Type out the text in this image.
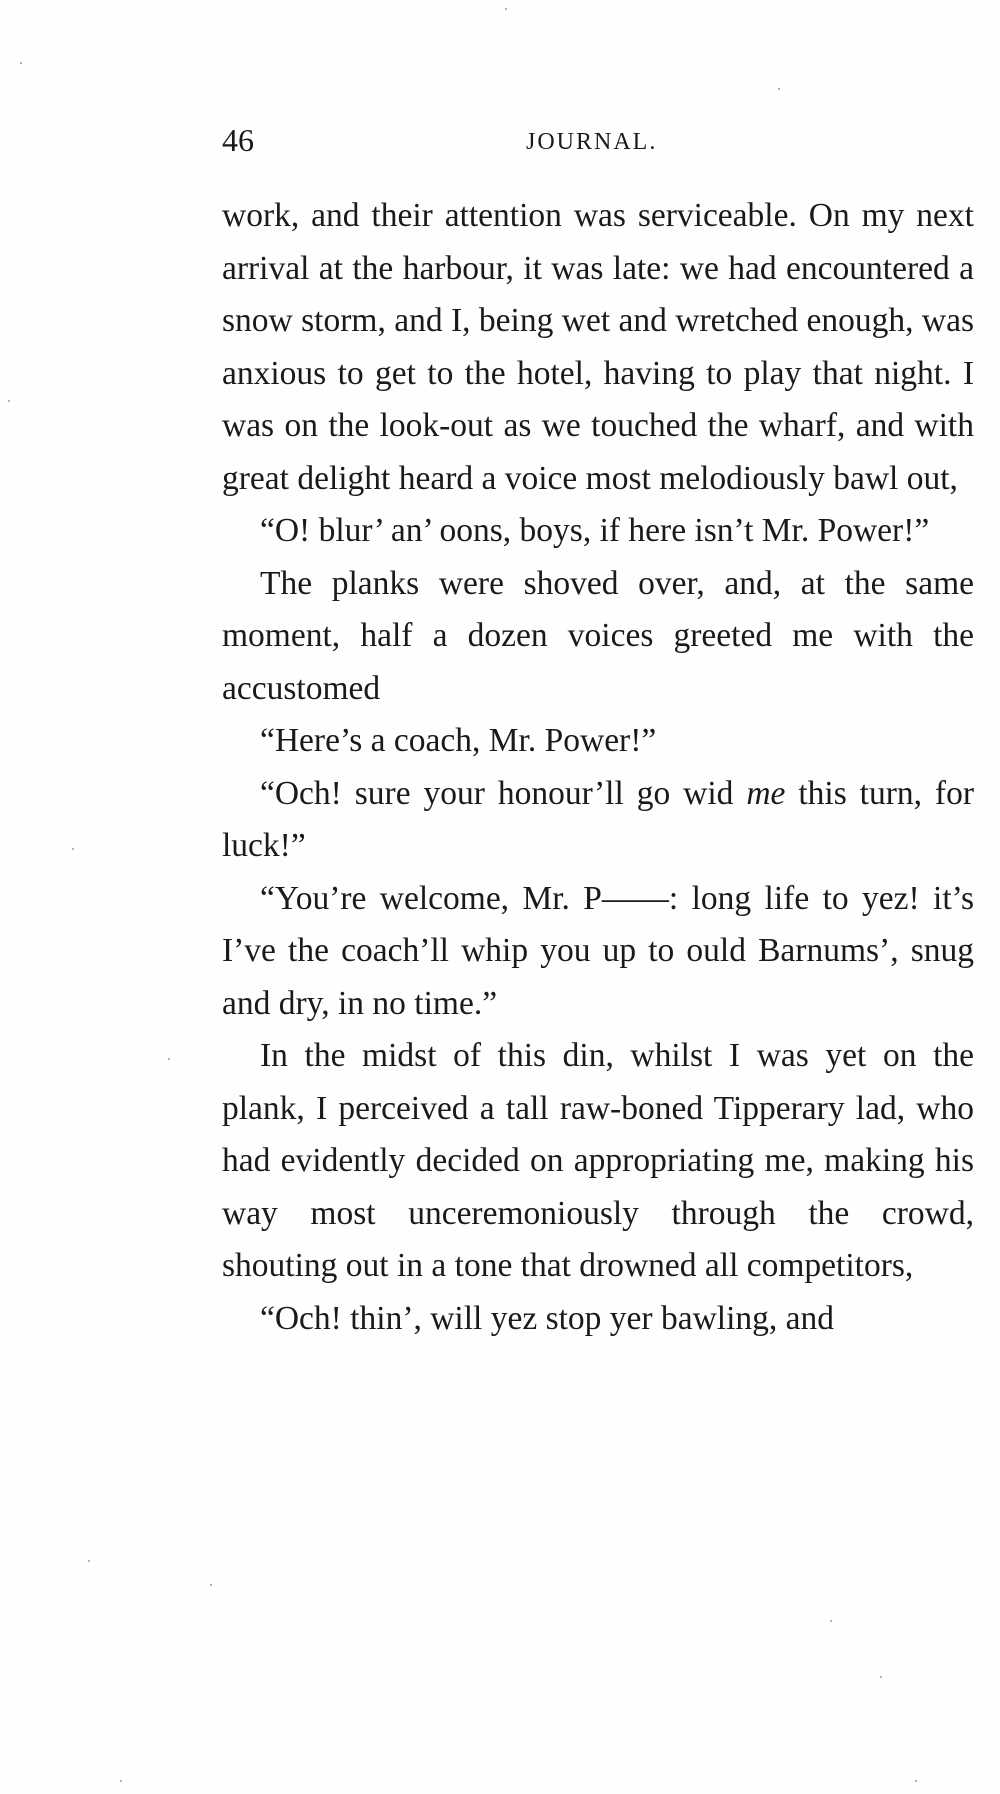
46	JOURNAL.

work, and their attention was serviceable. On my next arrival at the harbour, it was late: we had encountered a snow storm, and I, being wet and wretched enough, was anxious to get to the hotel, having to play that night. I was on the look-out as we touched the wharf, and with great delight heard a voice most melodiously bawl out,

“O! blur’ an’ oons, boys, if here isn’t Mr. Power!”

The planks were shoved over, and, at the same moment, half a dozen voices greeted me with the accustomed

“Here’s a coach, Mr. Power!”

“Och! sure your honour’ll go wid me this turn, for luck!”

“You’re welcome, Mr. P——: long life to yez! it’s I’ve the coach’ll whip you up to ould Barnums’, snug and dry, in no time.”

In the midst of this din, whilst I was yet on the plank, I perceived a tall raw-boned Tipperary lad, who had evidently decided on appropriating me, making his way most unceremoniously through the crowd, shouting out in a tone that drowned all competitors,

“Och! thin’, will yez stop yer bawling, and
